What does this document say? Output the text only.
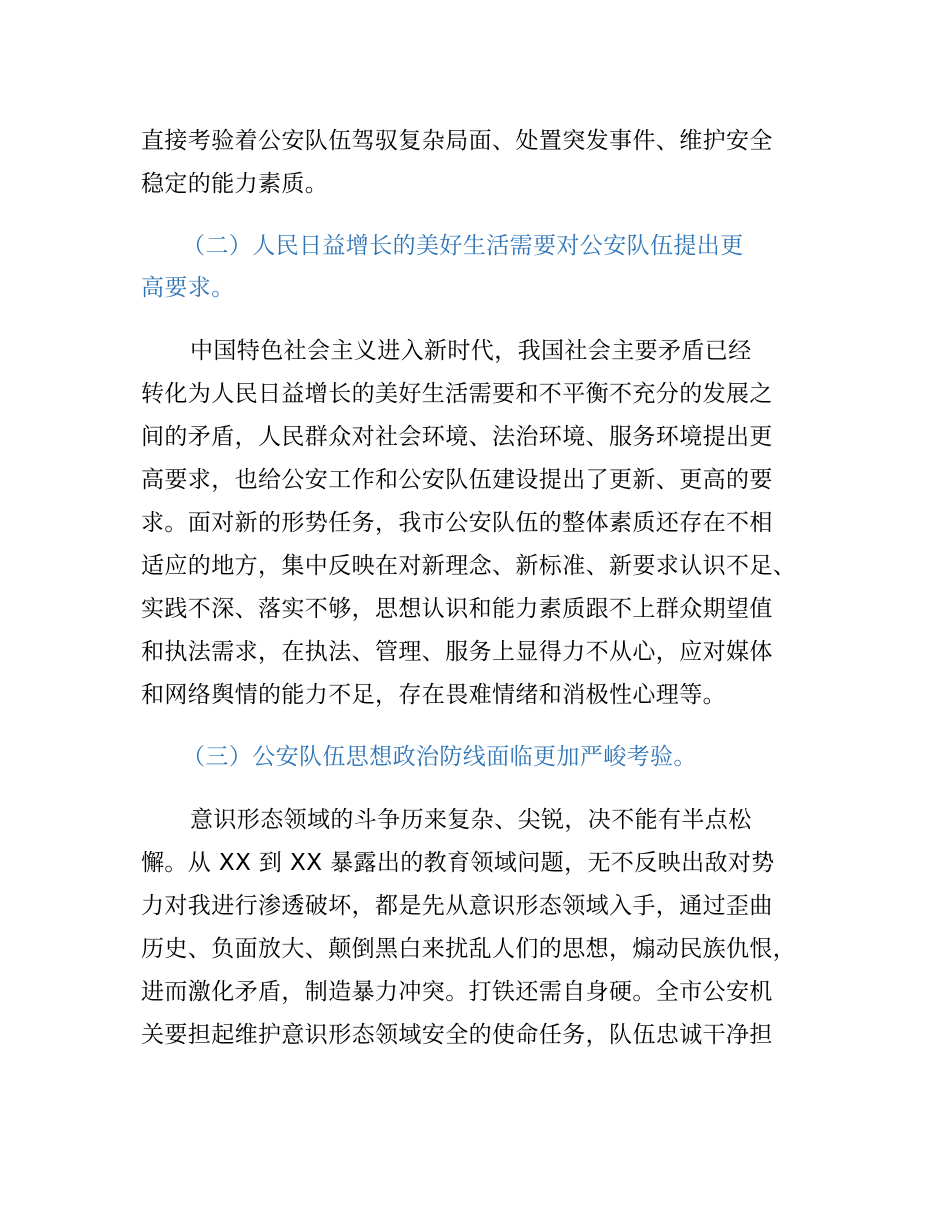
直接考验着公安队伍驾驭复杂局面、处置突发事件、维护安全
稳定的能力素质。
（二）人民日益增长的美好生活需要对公安队伍提出更
高要求。
中国特色社会主义进入新时代，我国社会主要矛盾已经
转化为人民日益增长的美好生活需要和不平衡不充分的发展之
间的矛盾，人民群众对社会环境、法治环境、服务环境提出更
高要求，也给公安工作和公安队伍建设提出了更新、更高的要
求。面对新的形势任务，我市公安队伍的整体素质还存在不相
适应的地方，集中反映在对新理念、新标准、新要求认识不足、
实践不深、落实不够，思想认识和能力素质跟不上群众期望值
和执法需求，在执法、管理、服务上显得力不从心，应对媒体
和网络舆情的能力不足，存在畏难情绪和消极性心理等。
（三）公安队伍思想政治防线面临更加严峻考验。
意识形态领域的斗争历来复杂、尖锐，决不能有半点松
懈。从 XX 到 XX 暴露出的教育领域问题，无不反映出敌对势
力对我进行渗透破坏，都是先从意识形态领域入手，通过歪曲
历史、负面放大、颠倒黑白来扰乱人们的思想，煽动民族仇恨，
进而激化矛盾，制造暴力冲突。打铁还需自身硬。全市公安机
关要担起维护意识形态领域安全的使命任务，队伍忠诚干净担
